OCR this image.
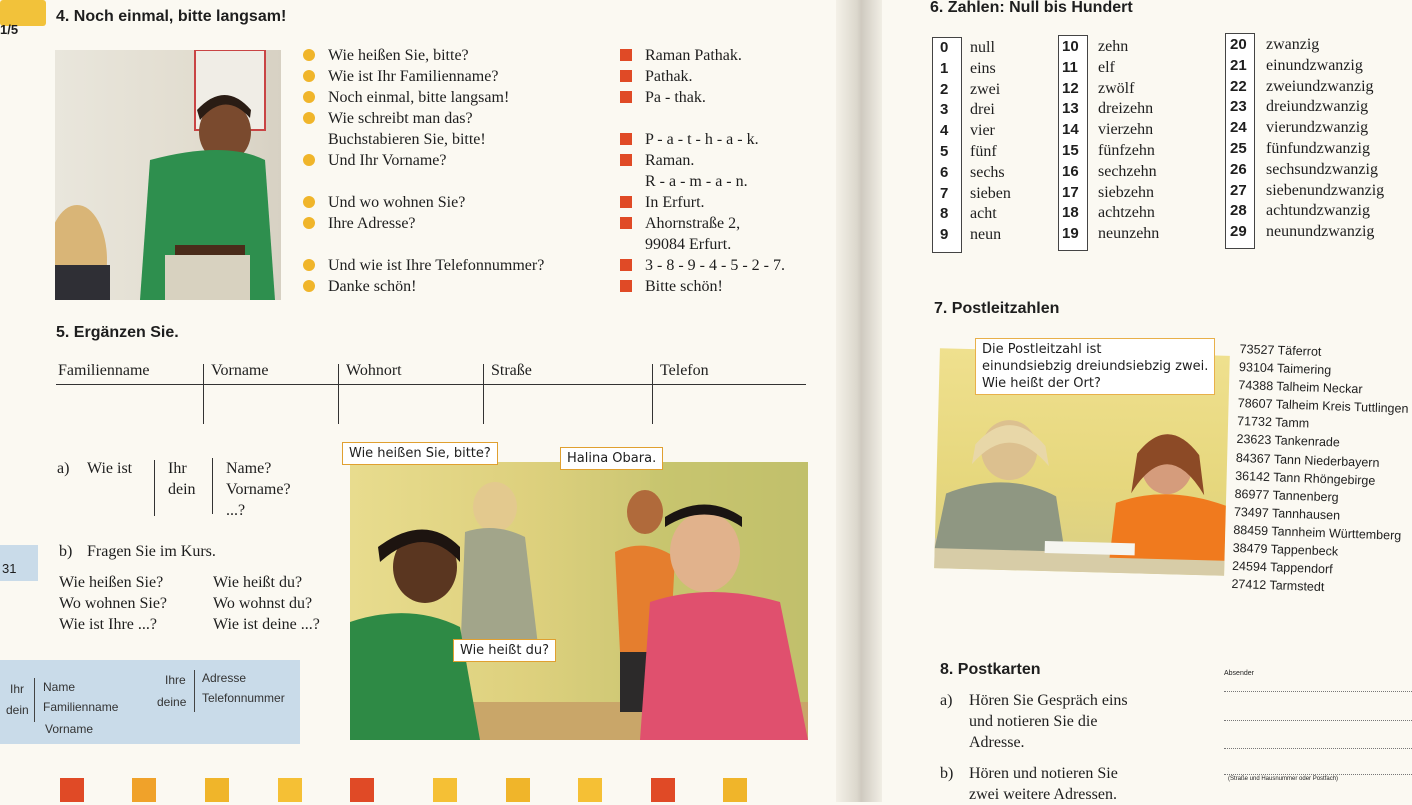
1/5
4. Noch einmal, bitte langsam!
Wie heißen Sie, bitte?
Wie ist Ihr Familienname?
Noch einmal, bitte langsam!
Wie schreibt man das?
Buchstabieren Sie, bitte!
Und Ihr Vorname?
Und wo wohnen Sie?
Ihre Adresse?
Und wie ist Ihre Telefonnummer?
Danke schön!
Raman Pathak.
Pathak.
Pa - thak.
P - a - t - h - a - k.
Raman.
R - a - m - a - n.
In Erfurt.
Ahornstraße 2,
99084 Erfurt.
3 - 8 - 9 - 4 - 5 - 2 - 7.
Bitte schön!
5. Ergänzen Sie.
Familienname	Vorname	Wohnort	Straße	Telefon
a) Wie ist Ihr
dein
Name?
Vorname?
...?
31
b) Fragen Sie im Kurs.
Wie heißen Sie?
Wo wohnen Sie?
Wie ist Ihre ...?
Wie heißt du?
Wo wohnst du?
Wie ist deine ...?
Ihr
dein
Name
Familienname
Vorname
Ihre
deine
Adresse
Telefonnummer
Wie heißen Sie, bitte?	Halina Obara.
Wie heißt du?
6. Zahlen: Null bis Hundert
0 null
1 eins
2 zwei
3 drei
4 vier
5 fünf
6 sechs
7 sieben
8 acht
9 neun
10 zehn
11 elf
12 zwölf
13 dreizehn
14 vierzehn
15 fünfzehn
16 sechzehn
17 siebzehn
18 achtzehn
19 neunzehn
20 zwanzig
21 einundzwanzig
22 zweiundzwanzig
23 dreiundzwanzig
24 vierundzwanzig
25 fünfundzwanzig
26 sechsundzwanzig
27 siebenundzwanzig
28 achtundzwanzig
29 neunundzwanzig
7. Postleitzahlen
Die Postleitzahl ist
einundsiebzig dreiundsiebzig zwei.
Wie heißt der Ort?
73527 Täferrot
93104 Taimering
74388 Talheim Neckar
78607 Talheim Kreis Tuttlingen
71732 Tamm
23623 Tankenrade
84367 Tann Niederbayern
36142 Tann Rhöngebirge
86977 Tannenberg
73497 Tannhausen
88459 Tannheim Württemberg
38479 Tappenbeck
24594 Tappendorf
27412 Tarmstedt
8. Postkarten
a) Hören Sie Gespräch eins
und notieren Sie die
Adresse.
b) Hören und notieren Sie
zwei weitere Adressen.
Absender
(Straße und Hausnummer oder Postfach)
